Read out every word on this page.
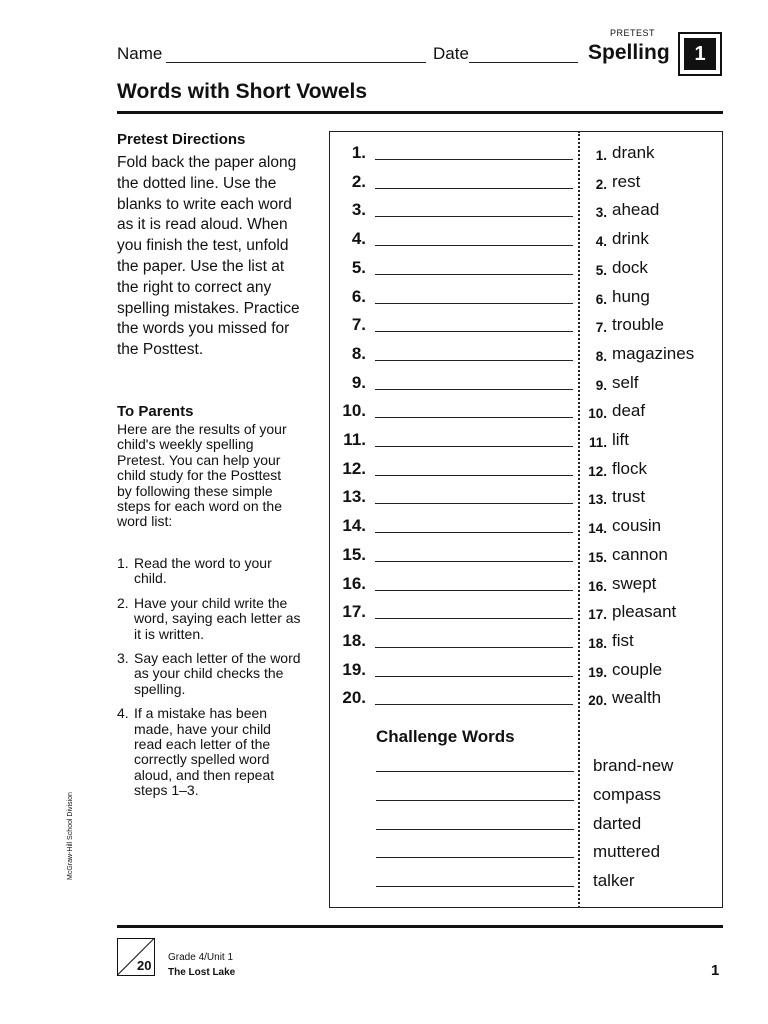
Name	Date
PRETEST
Spelling	1
Words with Short Vowels
Pretest Directions
Fold back the paper along the dotted line. Use the blanks to write each word as it is read aloud. When you finish the test, unfold the paper. Use the list at the right to correct any spelling mistakes. Practice the words you missed for the Posttest.
To Parents
Here are the results of your child's weekly spelling Pretest. You can help your child study for the Posttest by following these simple steps for each word on the word list:
1. Read the word to your child.
2. Have your child write the word, saying each letter as it is written.
3. Say each letter of the word as your child checks the spelling.
4. If a mistake has been made, have your child read each letter of the correctly spelled word aloud, and then repeat steps 1–3.
McGraw-Hill School Division
1.	1. drank
2.	2. rest
3.	3. ahead
4.	4. drink
5.	5. dock
6.	6. hung
7.	7. trouble
8.	8. magazines
9.	9. self
10.	10. deaf
11.	11. lift
12.	12. flock
13.	13. trust
14.	14. cousin
15.	15. cannon
16.	16. swept
17.	17. pleasant
18.	18. fist
19.	19. couple
20.	20. wealth
Challenge Words
brand-new
compass
darted
muttered
talker
20
Grade 4/Unit 1
The Lost Lake	1
